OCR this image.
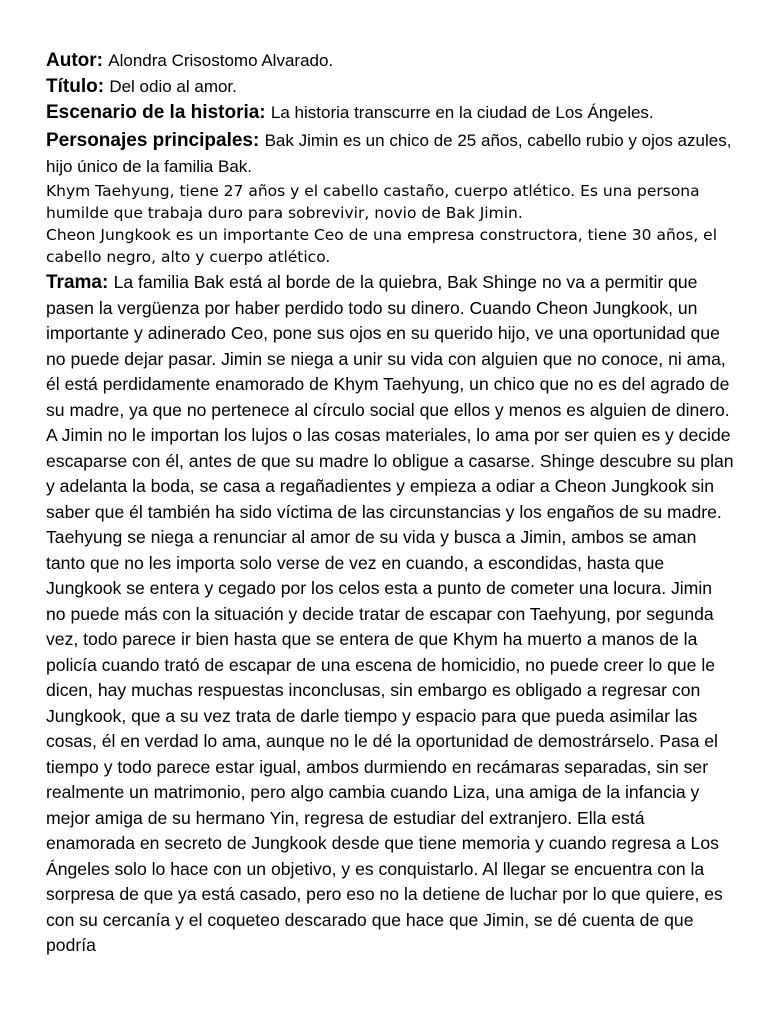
Autor: Alondra Crisostomo Alvarado.

Título: Del odio al amor.

Escenario de la historia: La historia transcurre en la ciudad de Los Ángeles.

Personajes principales: Bak Jimin es un chico de 25 años, cabello rubio y ojos azules, hijo único de la familia Bak.

Khym Taehyung, tiene 27 años y el cabello castaño, cuerpo atlético. Es una persona humilde que trabaja duro para sobrevivir, novio de Bak Jimin.

Cheon Jungkook es un importante Ceo de una empresa constructora, tiene 30 años, el cabello negro, alto y cuerpo atlético.

Trama: La familia Bak está al borde de la quiebra, Bak Shinge no va a permitir que pasen la vergüenza por haber perdido todo su dinero. Cuando Cheon Jungkook, un importante y adinerado Ceo, pone sus ojos en su querido hijo, ve una oportunidad que no puede dejar pasar. Jimin se niega a unir su vida con alguien que no conoce, ni ama, él está perdidamente enamorado de Khym Taehyung, un chico que no es del agrado de su madre, ya que no pertenece al círculo social que ellos y menos es alguien de dinero. A Jimin no le importan los lujos o las cosas materiales, lo ama por ser quien es y decide escaparse con él, antes de que su madre lo obligue a casarse. Shinge descubre su plan y adelanta la boda, se casa a regañadientes y empieza a odiar a Cheon Jungkook sin saber que él también ha sido víctima de las circunstancias y los engaños de su madre. Taehyung se niega a renunciar al amor de su vida y busca a Jimin, ambos se aman tanto que no les importa solo verse de vez en cuando, a escondidas, hasta que Jungkook se entera y cegado por los celos esta a punto de cometer una locura. Jimin no puede más con la situación y decide tratar de escapar con Taehyung, por segunda vez, todo parece ir bien hasta que se entera de que Khym ha muerto a manos de la policía cuando trató de escapar de una escena de homicidio, no puede creer lo que le dicen, hay muchas respuestas inconclusas, sin embargo es obligado a regresar con Jungkook, que a su vez trata de darle tiempo y espacio para que pueda asimilar las cosas, él en verdad lo ama, aunque no le dé la oportunidad de demostrárselo. Pasa el tiempo y todo parece estar igual, ambos durmiendo en recámaras separadas, sin ser realmente un matrimonio, pero algo cambia cuando Liza, una amiga de la infancia y mejor amiga de su hermano Yin, regresa de estudiar del extranjero. Ella está enamorada en secreto de Jungkook desde que tiene memoria y cuando regresa a Los Ángeles solo lo hace con un objetivo, y es conquistarlo. Al llegar se encuentra con la sorpresa de que ya está casado, pero eso no la detiene de luchar por lo que quiere, es con su cercanía y el coqueteo descarado que hace que Jimin, se dé cuenta de que podría
